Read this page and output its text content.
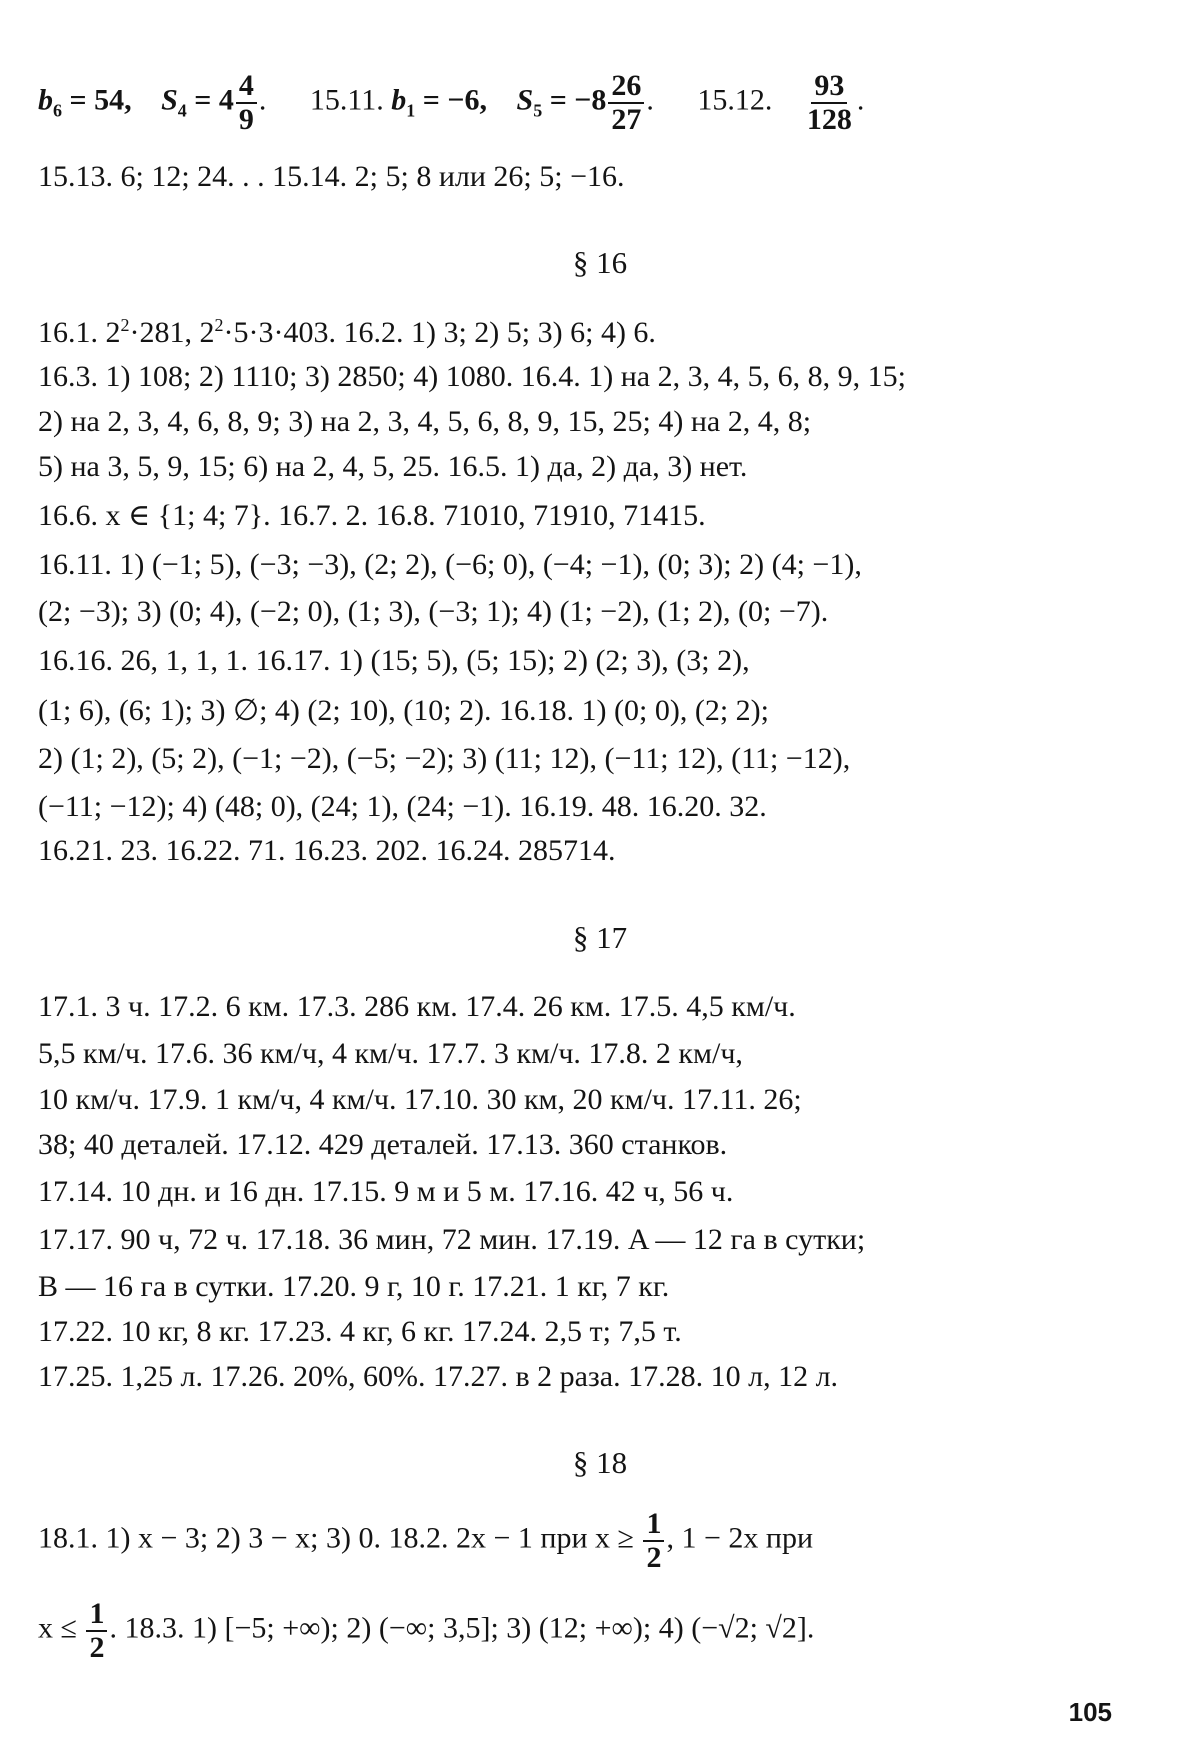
$b_6 = 54$, $S_4 = 4 \frac{4}{9}$ . 15.11. $b_1 = -6$, $S_5 = -8 \frac{26}{27}$ . 15.12. $\frac{93}{128}$ .
15.13. 6; 12; 24. . . 15.14. 2; 5; 8 или 26; 5; −16.
§ 16
16.1. $2^2\cdot 281$, $2^2\cdot 5\cdot 3\cdot 403$. 16.2. 1) 3; 2) 5; 3) 6; 4) 6.
16.3. 1) 108; 2) 1110; 3) 2850; 4) 1080. 16.4. 1) на 2, 3, 4, 5, 6, 8, 9, 15;
2) на 2, 3, 4, 6, 8, 9; 3) на 2, 3, 4, 5, 6, 8, 9, 15, 25; 4) на 2, 4, 8;
5) на 3, 5, 9, 15; 6) на 2, 4, 5, 25. 16.5. 1) да, 2) да, 3) нет.
16.6. x ∈ {1; 4; 7}. 16.7. 2. 16.8. 71010, 71910, 71415.
16.11. 1) (−1; 5), (−3; −3), (2; 2), (−6; 0), (−4; −1), (0; 3); 2) (4; −1),
(2; −3); 3) (0; 4), (−2; 0), (1; 3), (−3; 1); 4) (1; −2), (1; 2), (0; −7).
16.16. 26, 1, 1, 1. 16.17. 1) (15; 5), (5; 15); 2) (2; 3), (3; 2),
(1; 6), (6; 1); 3) ∅; 4) (2; 10), (10; 2). 16.18. 1) (0; 0), (2; 2);
2) (1; 2), (5; 2), (−1; −2), (−5; −2); 3) (11; 12), (−11; 12), (11; −12),
(−11; −12); 4) (48; 0), (24; 1), (24; −1). 16.19. 48. 16.20. 32.
16.21. 23. 16.22. 71. 16.23. 202. 16.24. 285714.
§ 17
17.1. 3 ч. 17.2. 6 км. 17.3. 286 км. 17.4. 26 км. 17.5. 4,5 км/ч.
5,5 км/ч. 17.6. 36 км/ч, 4 км/ч. 17.7. 3 км/ч. 17.8. 2 км/ч,
10 км/ч. 17.9. 1 км/ч, 4 км/ч. 17.10. 30 км, 20 км/ч. 17.11. 26;
38; 40 деталей. 17.12. 429 деталей. 17.13. 360 станков.
17.14. 10 дн. и 16 дн. 17.15. 9 м и 5 м. 17.16. 42 ч, 56 ч.
17.17. 90 ч, 72 ч. 17.18. 36 мин, 72 мин. 17.19. A — 12 га в сутки;
B — 16 га в сутки. 17.20. 9 г, 10 г. 17.21. 1 кг, 7 кг.
17.22. 10 кг, 8 кг. 17.23. 4 кг, 6 кг. 17.24. 2,5 т; 7,5 т.
17.25. 1,25 л. 17.26. 20%, 60%. 17.27. в 2 раза. 17.28. 10 л, 12 л.
§ 18
18.1. 1) x − 3; 2) 3 − x; 3) 0. 18.2. 2x − 1 при $x \ge \frac{1}{2}$ , 1 − 2x при
$x \le \frac{1}{2}$ . 18.3. 1) [−5; +∞); 2) (−∞; 3,5]; 3) (12; +∞); 4) (−√2; √2].
105
